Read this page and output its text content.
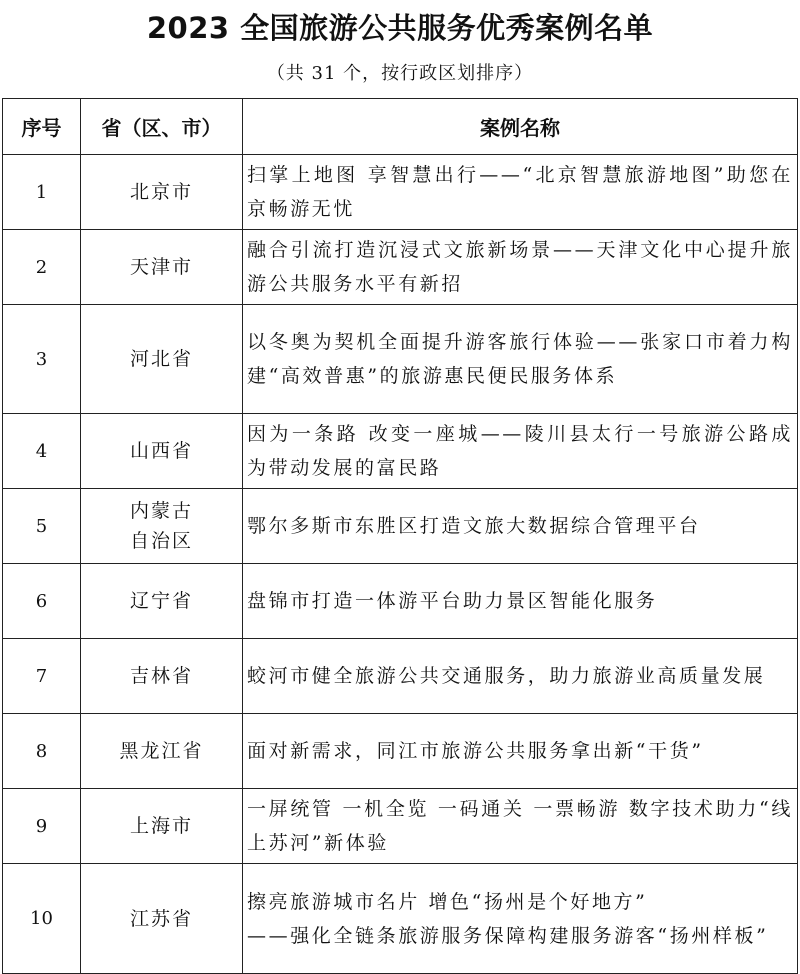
2023 全国旅游公共服务优秀案例名单
（共 31 个，按行政区划排序）
序号	省（区、市）	案例名称
1	北京市	扫掌上地图 享智慧出行——“北京智慧旅游地图”助您在京畅游无忧
2	天津市	融合引流打造沉浸式文旅新场景——天津文化中心提升旅游公共服务水平有新招
3	河北省	以冬奥为契机全面提升游客旅行体验——张家口市着力构建“高效普惠”的旅游惠民便民服务体系
4	山西省	因为一条路 改变一座城——陵川县太行一号旅游公路成为带动发展的富民路
5	内蒙古自治区	鄂尔多斯市东胜区打造文旅大数据综合管理平台
6	辽宁省	盘锦市打造一体游平台助力景区智能化服务
7	吉林省	蛟河市健全旅游公共交通服务，助力旅游业高质量发展
8	黑龙江省	面对新需求，同江市旅游公共服务拿出新“干货”
9	上海市	一屏统管 一机全览 一码通关 一票畅游 数字技术助力“线上苏河”新体验
10	江苏省	擦亮旅游城市名片 增色“扬州是个好地方”
——强化全链条旅游服务保障构建服务游客“扬州样板”
